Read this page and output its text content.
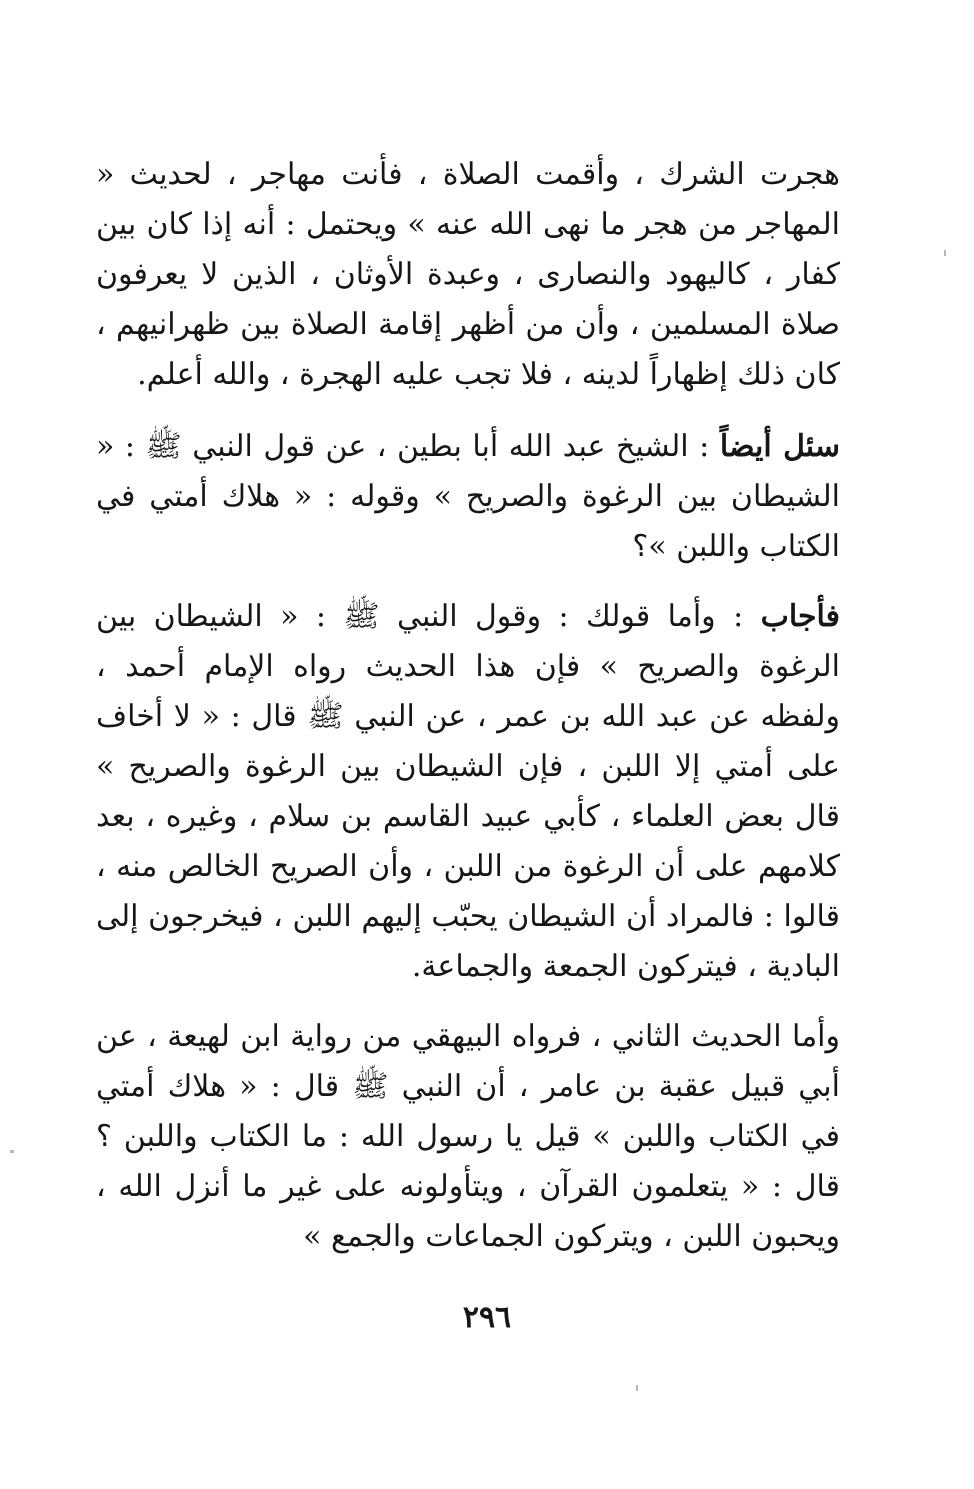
هجرت الشرك ، وأقمت الصلاة ، فأنت مهاجر ، لحديث « المهاجر من هجر ما نهى الله عنه » ويحتمل : أنه إذا كان بين كفار ، كاليهود والنصارى ، وعبدة الأوثان ، الذين لا يعرفون صلاة المسلمين ، وأن من أظهر إقامة الصلاة بين ظهرانيهم ، كان ذلك إظهاراً لدينه ، فلا تجب عليه الهجرة ، والله أعلم.

سئل أيضاً : الشيخ عبد الله أبا بطين ، عن قول النبي ﷺ : « الشيطان بين الرغوة والصريح » وقوله : « هلاك أمتي في الكتاب واللبن »؟

فأجاب : وأما قولك : وقول النبي ﷺ : « الشيطان بين الرغوة والصريح » فإن هذا الحديث رواه الإمام أحمد ، ولفظه عن عبد الله بن عمر ، عن النبي ﷺ قال : « لا أخاف على أمتي إلا اللبن ، فإن الشيطان بين الرغوة والصريح » قال بعض العلماء ، كأبي عبيد القاسم بن سلام ، وغيره ، بعد كلامهم على أن الرغوة من اللبن ، وأن الصريح الخالص منه ، قالوا : فالمراد أن الشيطان يحبّب إليهم اللبن ، فيخرجون إلى البادية ، فيتركون الجمعة والجماعة.

وأما الحديث الثاني ، فرواه البيهقي من رواية ابن لهيعة ، عن أبي قبيل عقبة بن عامر ، أن النبي ﷺ قال : « هلاك أمتي في الكتاب واللبن » قيل يا رسول الله : ما الكتاب واللبن ؟ قال : « يتعلمون القرآن ، ويتأولونه على غير ما أنزل الله ، ويحبون اللبن ، ويتركون الجماعات والجمع »

٢٩٦
